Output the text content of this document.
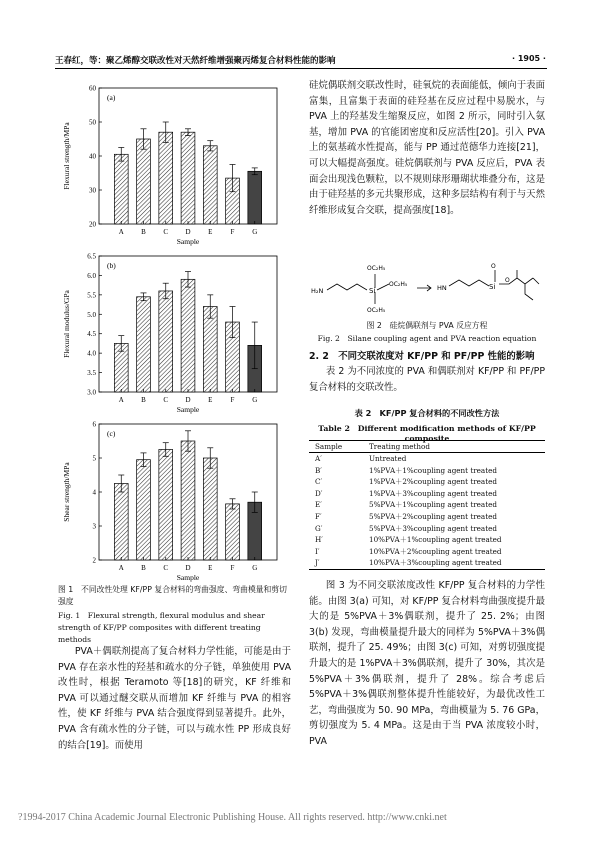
王春红，等：聚乙烯醇交联改性对天然纤维增强聚丙烯复合材料性能的影响	· 1905 ·
20
30
40
50
60
A B	C D	E	F	G
(a)
Sample
Flexural strength/MPa
3.0
3.5
4.0
4.5
5.0
5.5
6.0
6.5
A B	C D	E	F	G
(b)
Sample
Flexural modulus/GPa
2
3
4
5
6
A B	C D	E	F	G
(c)
Sample
Shear strength/MPa
图 1　不同改性处理 KF/PP 复合材料的弯曲强度、弯曲模量和剪切强度
Fig. 1　Flexural strength, flexural modulus and shear strength of KF/PP composites with different treating methods
PVA＋偶联剂提高了复合材料力学性能，可能是由于 PVA 存在亲水性的羟基和疏水的分子链，单独使用 PVA 改性时，根据 Teramoto 等[18]的研究，KF 纤维和 PVA 可以通过醚交联从而增加 KF 纤维与 PVA 的相容性，使 KF 纤维与 PVA 结合强度得到显著提升。此外，PVA 含有疏水性的分子链，可以与疏水性 PP 形成良好的结合[19]。而使用

硅烷偶联剂交联改性时，硅氧烷的表面能低，倾向于表面富集，且富集于表面的硅羟基在反应过程中易脱水，与 PVA 上的羟基发生缩聚反应，如图 2 所示，同时引入氨基，增加 PVA 的官能团密度和反应活性[20]。引入 PVA 上的氨基疏水性提高，能与 PP 通过范德华力连接[21]，可以大幅提高强度。硅烷偶联剂与 PVA 反应后，PVA 表面会出现浅色颗粒，以不规则球形珊瑚状堆叠分布，这是由于硅羟基的多元共聚形成，这种多层结构有利于与天然纤维形成复合交联，提高强度[18]。

H₂N	Si
OC₂H₅
OC₂H₅
OC₂H₅
HN	Si
O
O
图 2　硅烷偶联剂与 PVA 反应方程
Fig. 2　Silane coupling agent and PVA reaction equation
2. 2　不同交联浓度对 KF/PP 和 PF/PP 性能的影响

表 2 为不同浓度的 PVA 和偶联剂对 KF/PP 和 PF/PP 复合材料的交联改性。

表 2　KF/PP 复合材料的不同改性方法
Table 2　Different modification methods of KF/PP composite
Sample	Treating method
A′	Untreated
B′	1%PVA＋1%coupling agent treated
C′	1%PVA＋2%coupling agent treated
D′	1%PVA＋3%coupling agent treated
E′	5%PVA＋1%coupling agent treated
F′	5%PVA＋2%coupling agent treated
G′	5%PVA＋3%coupling agent treated
H′	10%PVA＋1%coupling agent treated
I′	10%PVA＋2%coupling agent treated
J′	10%PVA＋3%coupling agent treated

图 3 为不同交联浓度改性 KF/PP 复合材料的力学性能。由图 3(a) 可知，对 KF/PP 复合材料弯曲强度提升最大的是 5%PVA＋3%偶联剂，提升了 25. 2%；由图 3(b) 发现，弯曲模量提升最大的同样为 5%PVA＋3%偶联剂，提升了 25. 49%；由图 3(c) 可知，对剪切强度提升最大的是 1%PVA＋3%偶联剂，提升了 30%，其次是 5%PVA＋3%偶联剂，提升了 28%。综合考虑后 5%PVA＋3%偶联剂整体提升性能较好，为最优改性工艺，弯曲强度为 50. 90 MPa，弯曲模量为 5. 76 GPa，剪切强度为 5. 4 MPa。这是由于当 PVA 浓度较小时，PVA

?1994-2017 China Academic Journal Electronic Publishing House. All rights reserved. http://www.cnki.net
